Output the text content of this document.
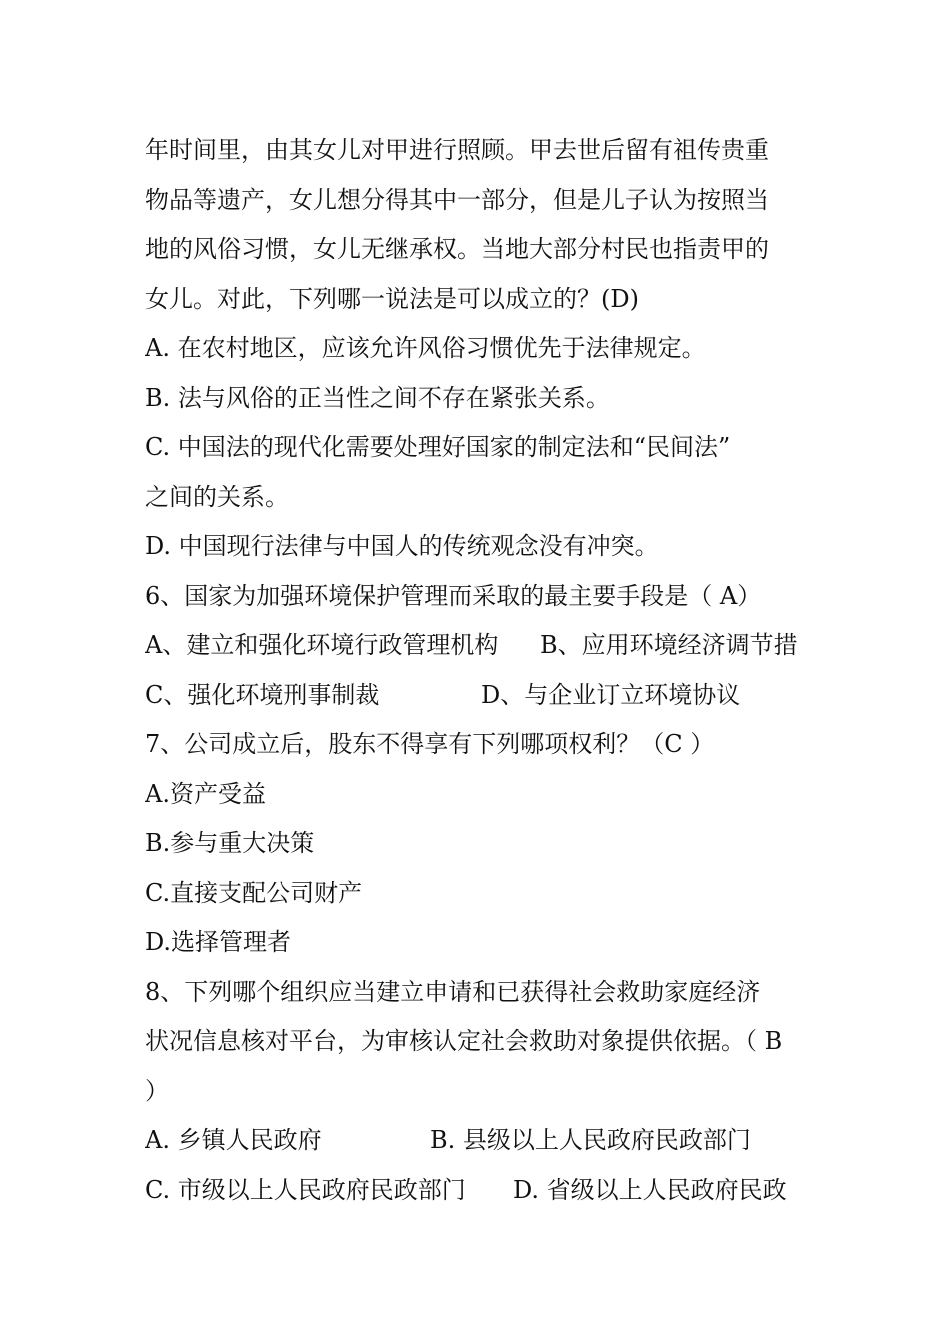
年时间里，由其女儿对甲进行照顾。甲去世后留有祖传贵重
物品等遗产，女儿想分得其中一部分，但是儿子认为按照当
地的风俗习惯，女儿无继承权。当地大部分村民也指责甲的
女儿。对此，下列哪一说法是可以成立的？(D)
A. 在农村地区，应该允许风俗习惯优先于法律规定。
B. 法与风俗的正当性之间不存在紧张关系。
C. 中国法的现代化需要处理好国家的制定法和“民间法”
之间的关系。
D. 中国现行法律与中国人的传统观念没有冲突。
6、国家为加强环境保护管理而采取的最主要手段是（ A）
A、建立和强化环境行政管理机构 B、应用环境经济调节措
C、强化环境刑事制裁	D、与企业订立环境协议
7、公司成立后，股东不得享有下列哪项权利？（C ）
A.资产受益
B.参与重大决策
C.直接支配公司财产
D.选择管理者
8、下列哪个组织应当建立申请和已获得社会救助家庭经济
状况信息核对平台，为审核认定社会救助对象提供依据。（ B
）
A. 乡镇人民政府	B. 县级以上人民政府民政部门
C. 市级以上人民政府民政部门 D. 省级以上人民政府民政
